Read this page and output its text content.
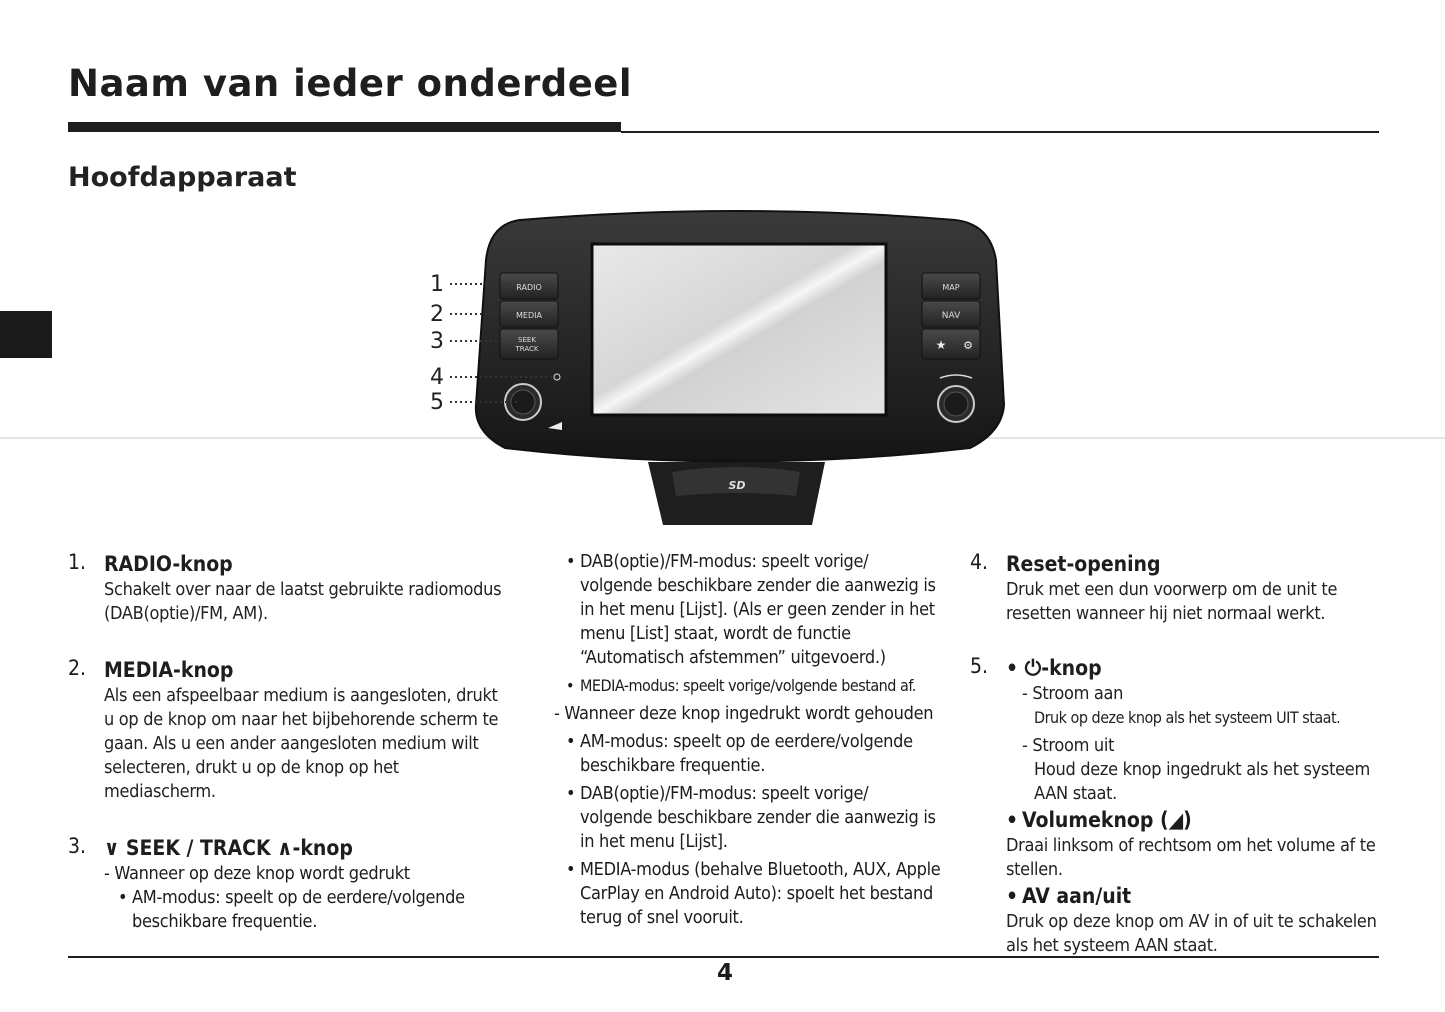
Naam van ieder onderdeel
Hoofdapparaat
SD
RADIO
MEDIA
SEEK
TRACK
MAP
NAV
★ ⚙
1
2
3
4
5
1. RADIO-knop
Schakelt over naar de laatst gebruikte radiomodus (DAB(optie)/FM, AM).
2. MEDIA-knop
Als een afspeelbaar medium is aangesloten, drukt u op de knop om naar het bijbehorende scherm te gaan. Als u een ander aangesloten medium wilt selecteren, drukt u op de knop op het mediascherm.
3. ∨ SEEK / TRACK ∧-knop
- Wanneer op deze knop wordt gedrukt
• AM-modus: speelt op de eerdere/volgende beschikbare frequentie.
• DAB(optie)/FM-modus: speelt vorige/ volgende beschikbare zender die aanwezig is in het menu [Lijst]. (Als er geen zender in het menu [List] staat, wordt de functie “Automatisch afstemmen” uitgevoerd.)
• MEDIA-modus: speelt vorige/volgende bestand af.
- Wanneer deze knop ingedrukt wordt gehouden
• AM-modus: speelt op de eerdere/volgende beschikbare frequentie.
• DAB(optie)/FM-modus: speelt vorige/ volgende beschikbare zender die aanwezig is in het menu [Lijst].
• MEDIA-modus (behalve Bluetooth, AUX, Apple CarPlay en Android Auto): spoelt het bestand terug of snel vooruit.
4. Reset-opening
Druk met een dun voorwerp om de unit te resetten wanneer hij niet normaal werkt.
5. • ⏻-knop
- Stroom aan
Druk op deze knop als het systeem UIT staat.
- Stroom uit
Houd deze knop ingedrukt als het systeem AAN staat.
• Volumeknop (◢)
Draai linksom of rechtsom om het volume af te stellen.
• AV aan/uit
Druk op deze knop om AV in of uit te schakelen als het systeem AAN staat.
4
